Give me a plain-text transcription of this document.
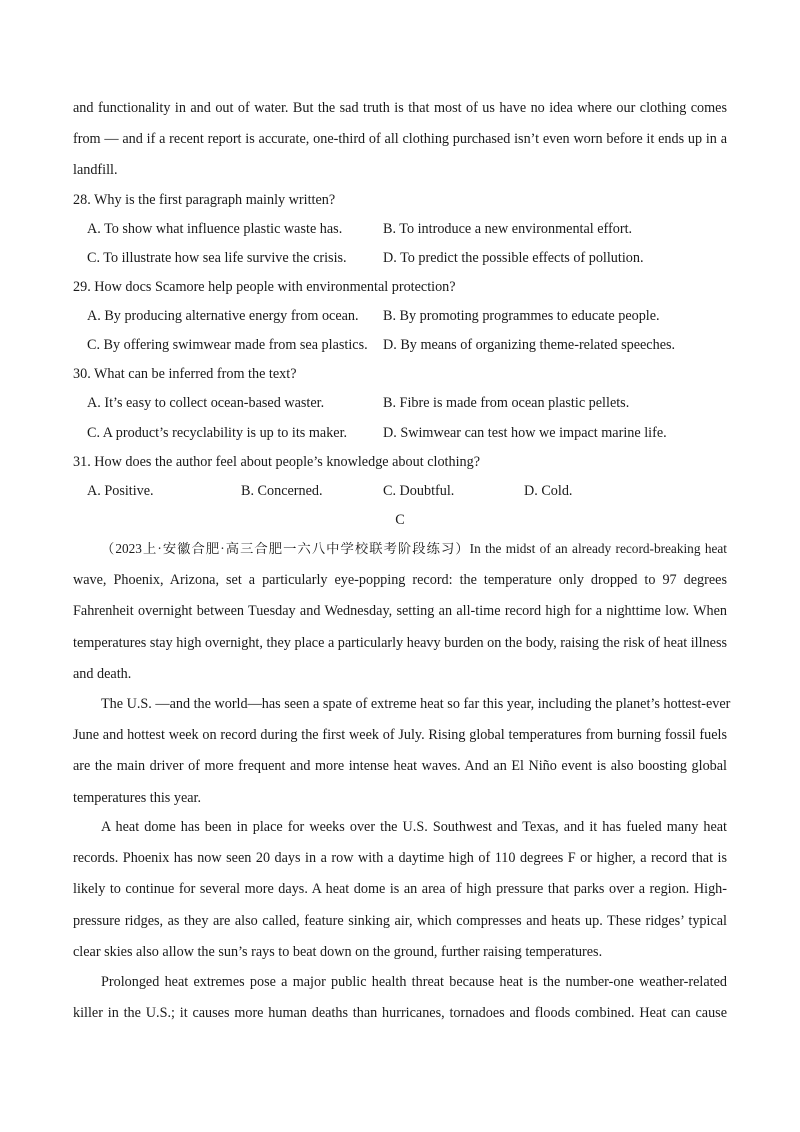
and functionality in and out of water. But the sad truth is that most of us have no idea where our clothing comes
from — and if a recent report is accurate, one-third of all clothing purchased isn’t even worn before it ends up in a
landfill.
28. Why is the first paragraph mainly written?
A. To show what influence plastic waste has.	B. To introduce a new environmental effort.
C. To illustrate how sea life survive the crisis.	D. To predict the possible effects of pollution.
29. How docs Scamore help people with environmental protection?
A. By producing alternative energy from ocean. B. By promoting programmes to educate people.
C. By offering swimwear made from sea plastics. D. By means of organizing theme-related speeches.
30. What can be inferred from the text?
A. It’s easy to collect ocean-based waster.	B. Fibre is made from ocean plastic pellets.
C. A product’s recyclability is up to its maker.	D. Swimwear can test how we impact marine life.
31. How does the author feel about people’s knowledge about clothing?
A. Positive.	B. Concerned.	C. Doubtful.	D. Cold.
C
（2023上·安徽合肥·高三合肥一六八中学校联考阶段练习）In the midst of an already record-breaking heat
wave, Phoenix, Arizona, set a particularly eye-popping record: the temperature only dropped to 97 degrees
Fahrenheit overnight between Tuesday and Wednesday, setting an all-time record high for a nighttime low. When
temperatures stay high overnight, they place a particularly heavy burden on the body, raising the risk of heat illness
and death.
The U.S. —and the world—has seen a spate of extreme heat so far this year, including the planet’s hottest-ever
June and hottest week on record during the first week of July. Rising global temperatures from burning fossil fuels
are the main driver of more frequent and more intense heat waves. And an El Niño event is also boosting global
temperatures this year.
A heat dome has been in place for weeks over the U.S. Southwest and Texas, and it has fueled many heat
records. Phoenix has now seen 20 days in a row with a daytime high of 110 degrees F or higher, a record that is
likely to continue for several more days. A heat dome is an area of high pressure that parks over a region. High-
pressure ridges, as they are also called, feature sinking air, which compresses and heats up. These ridges’ typical
clear skies also allow the sun’s rays to beat down on the ground, further raising temperatures.
Prolonged heat extremes pose a major public health threat because heat is the number-one weather-related
killer in the U.S.; it causes more human deaths than hurricanes, tornadoes and floods combined. Heat can cause
